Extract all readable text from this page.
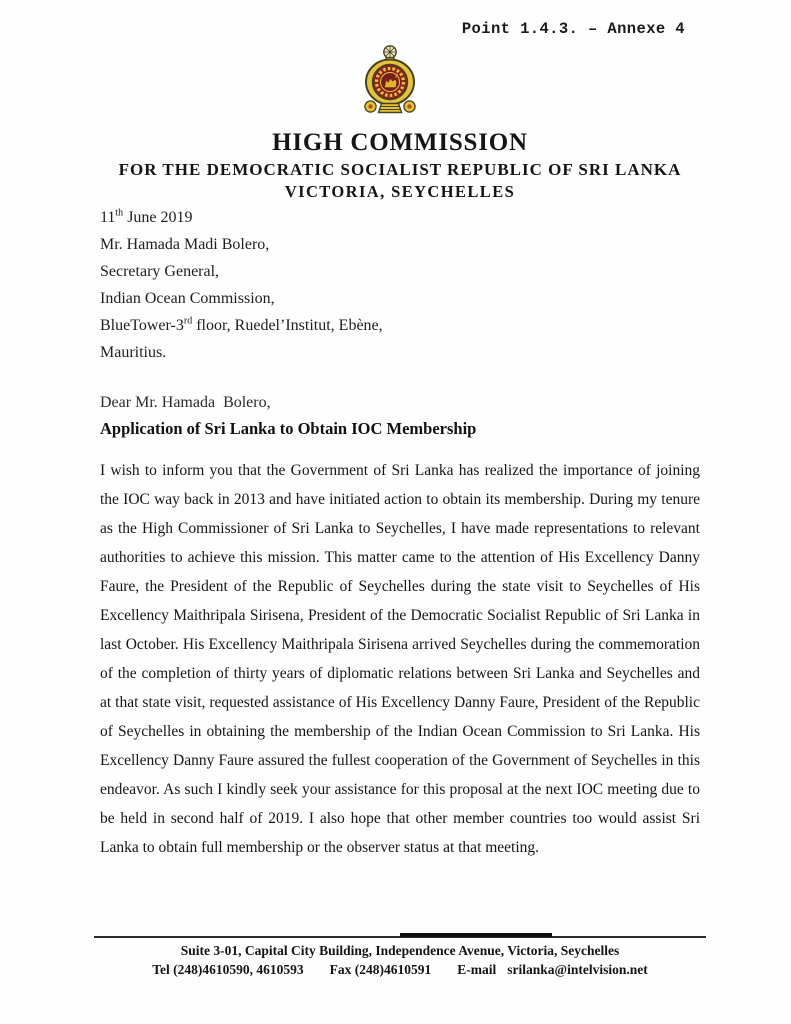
Point 1.4.3. – Annexe 4
HIGH COMMISSION
FOR THE DEMOCRATIC SOCIALIST REPUBLIC OF SRI LANKA
VICTORIA, SEYCHELLES
11th June 2019
Mr. Hamada Madi Bolero,
Secretary General,
Indian Ocean Commission,
BlueTower-3rd floor, Ruedel’Institut, Ebène,
Mauritius.
Dear Mr. Hamada  Bolero,
Application of Sri Lanka to Obtain IOC Membership
I wish to inform you that the Government of Sri Lanka has realized the importance of joining the IOC way back in 2013 and have initiated action to obtain its membership. During my tenure as the High Commissioner of Sri Lanka to Seychelles, I have made representations to relevant authorities to achieve this mission. This matter came to the attention of His Excellency Danny Faure, the President of the Republic of Seychelles during the state visit to Seychelles of His Excellency Maithripala Sirisena, President of the Democratic Socialist Republic of Sri Lanka in last October. His Excellency Maithripala Sirisena arrived Seychelles during the commemoration of the completion of thirty years of diplomatic relations between Sri Lanka and Seychelles and at that state visit, requested assistance of His Excellency Danny Faure, President of the Republic of Seychelles in obtaining the membership of the Indian Ocean Commission to Sri Lanka. His Excellency Danny Faure assured the fullest cooperation of the Government of Seychelles in this endeavor. As such I kindly seek your assistance for this proposal at the next IOC meeting due to be held in second half of 2019. I also hope that other member countries too would assist Sri Lanka to obtain full membership or the observer status at that meeting.
Suite 3-01, Capital City Building, Independence Avenue, Victoria, Seychelles
Tel (248)4610590, 4610593 Fax (248)4610591 E-mail srilanka@intelvision.net
